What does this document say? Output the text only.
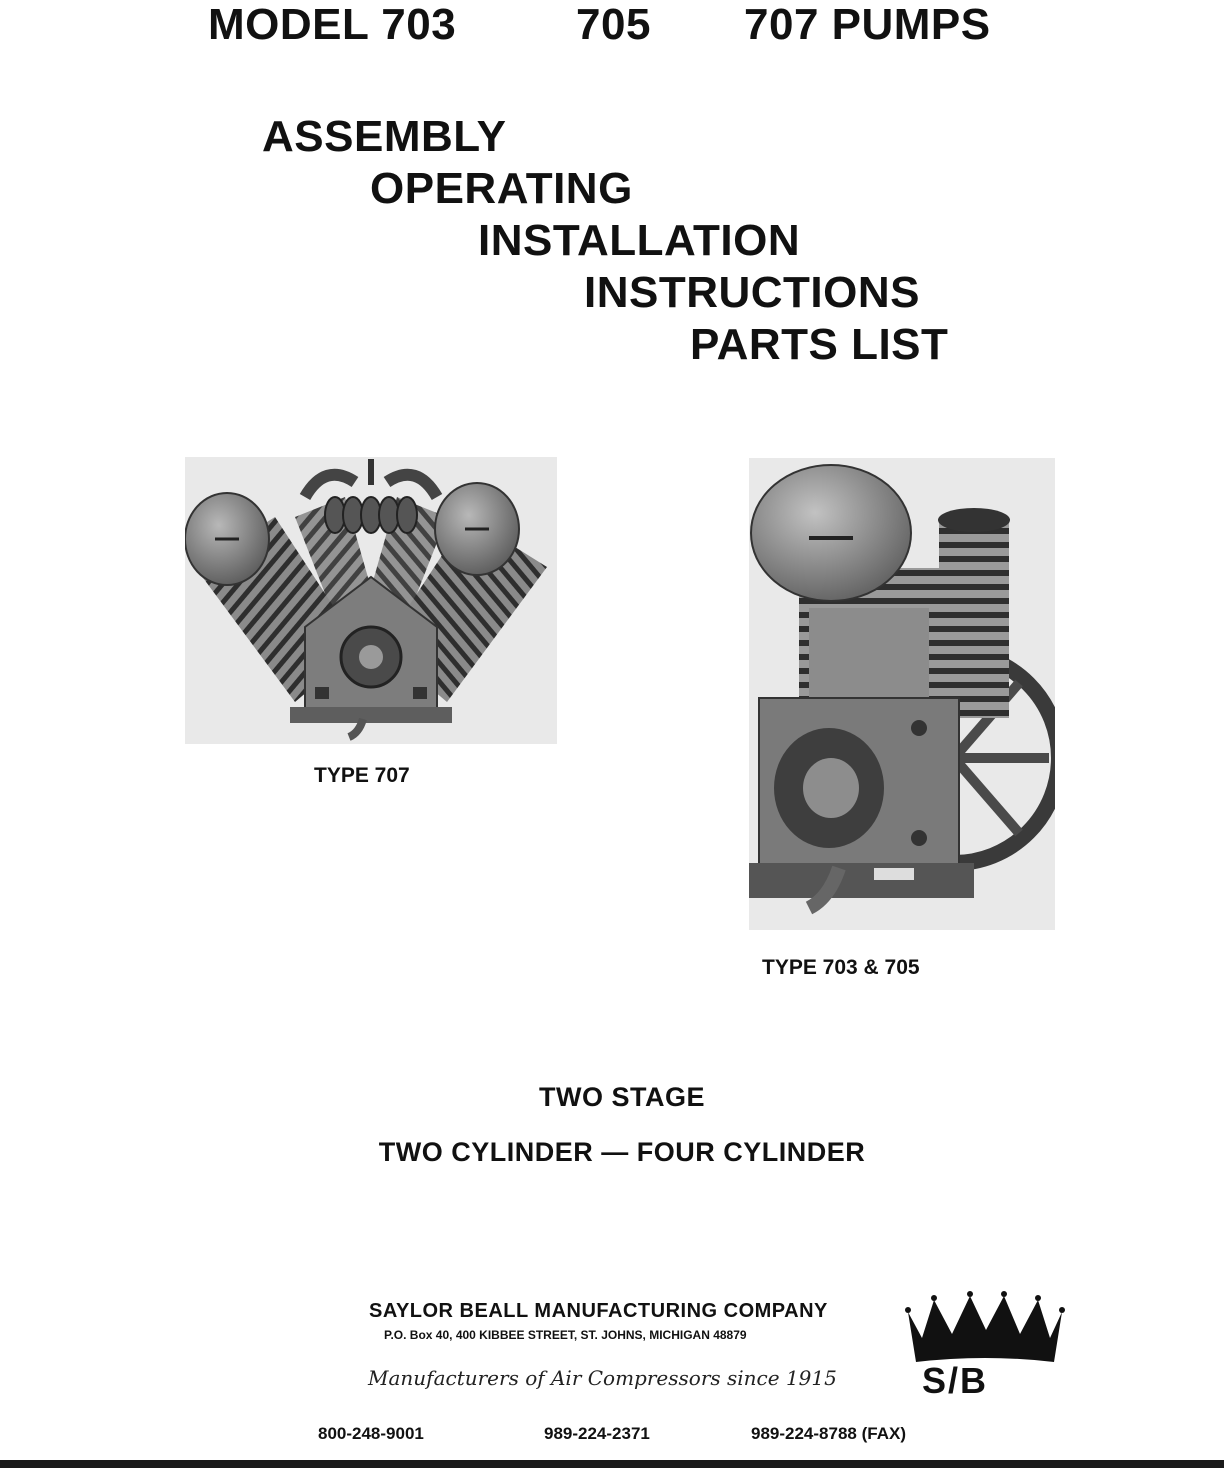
MODEL 703	705 707 PUMPS
ASSEMBLY
OPERATING
INSTALLATION
INSTRUCTIONS
PARTS LIST
TYPE 707
TYPE 703 & 705
TWO STAGE
TWO CYLINDER — FOUR CYLINDER
SAYLOR BEALL MANUFACTURING COMPANY
P.O. Box 40, 400 KIBBEE STREET, ST. JOHNS, MICHIGAN 48879
Manufacturers of Air Compressors since 1915 S/B
800-248-9001	989-224-2371	989-224-8788 (FAX)
